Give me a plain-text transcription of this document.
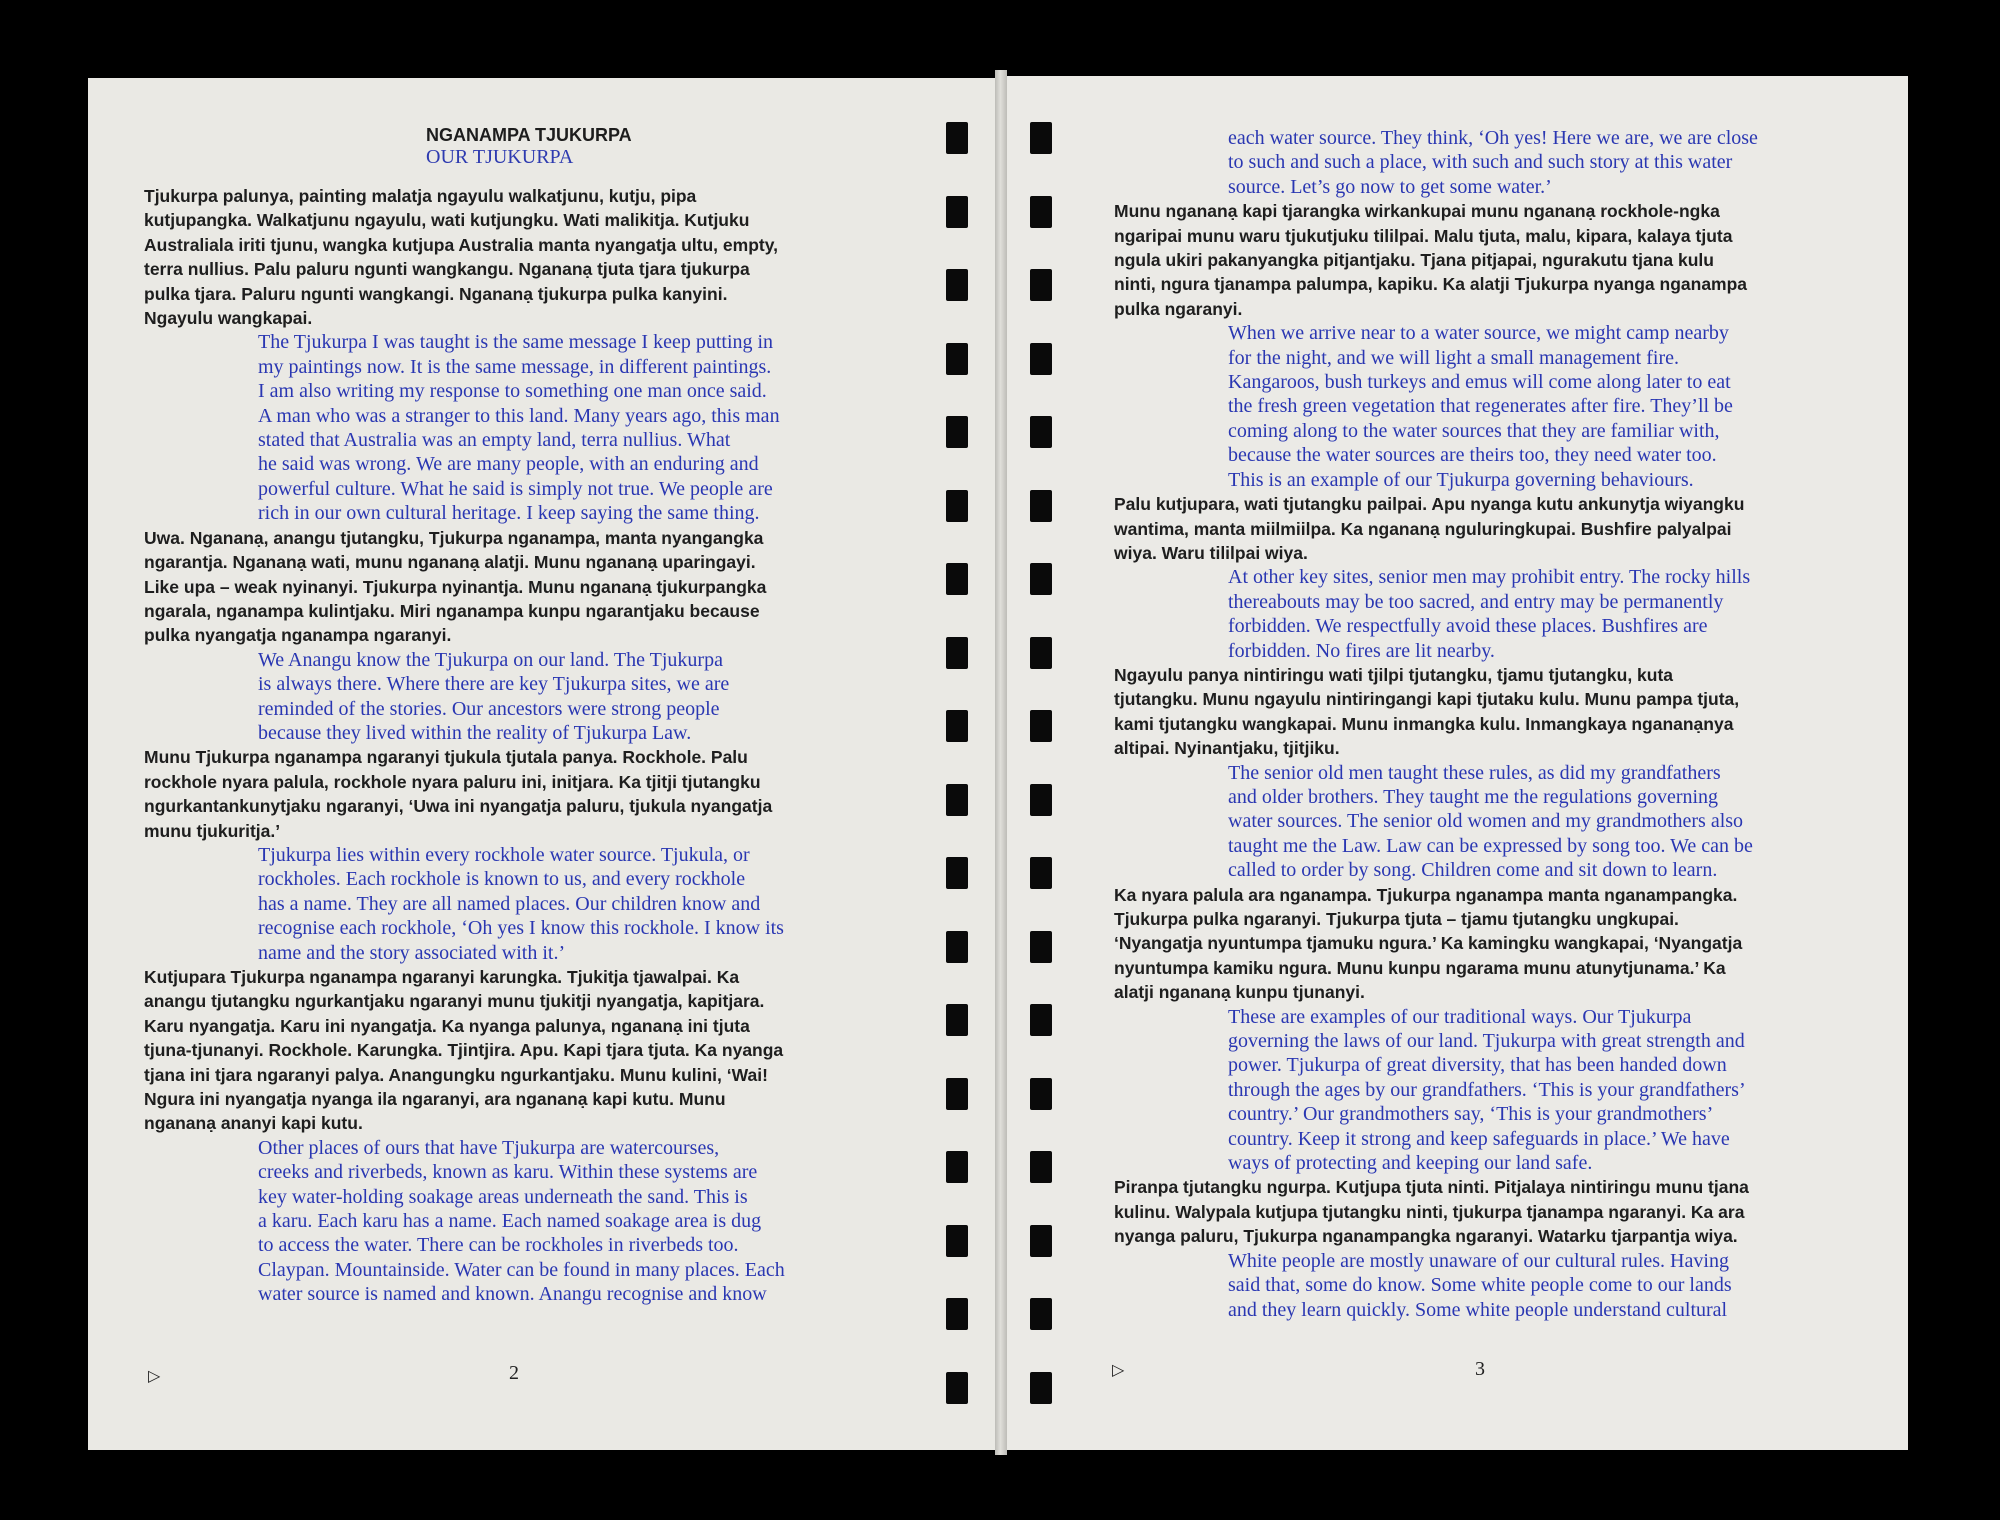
NGANAMPA TJUKURPA
OUR TJUKURPA

Tjukurpa palunya, painting malatja ngayulu walkatjunu, kutju, pipa
kutjupangka. Walkatjunu ngayulu, wati kutjungku. Wati malikitja. Kutjuku
Australiala iriti tjunu, wangka kutjupa Australia manta nyangatja ultu, empty,
terra nullius. Palu paluru ngunti wangkangu. Ngananạ tjuta tjara tjukurpa
pulka tjara. Paluru ngunti wangkangi. Ngananạ tjukurpa pulka kanyini.
Ngayulu wangkapai.

The Tjukurpa I was taught is the same message I keep putting in
my paintings now. It is the same message, in different paintings.
I am also writing my response to something one man once said.
A man who was a stranger to this land. Many years ago, this man
stated that Australia was an empty land, terra nullius. What
he said was wrong. We are many people, with an enduring and
powerful culture. What he said is simply not true. We people are
rich in our own cultural heritage. I keep saying the same thing.

Uwa. Ngananạ, anangu tjutangku, Tjukurpa nganampa, manta nyangangka
ngarantja. Ngananạ wati, munu ngananạ alatji. Munu ngananạ uparingayi.
Like upa – weak nyinanyi. Tjukurpa nyinantja. Munu ngananạ tjukurpangka
ngarala, nganampa kulintjaku. Miri nganampa kunpu ngarantjaku because
pulka nyangatja nganampa ngaranyi.

We Anangu know the Tjukurpa on our land. The Tjukurpa
is always there. Where there are key Tjukurpa sites, we are
reminded of the stories. Our ancestors were strong people
because they lived within the reality of Tjukurpa Law.

Munu Tjukurpa nganampa ngaranyi tjukula tjutala panya. Rockhole. Palu
rockhole nyara palula, rockhole nyara paluru ini, initjara. Ka tjitji tjutangku
ngurkantankunytjaku ngaranyi, ‘Uwa ini nyangatja paluru, tjukula nyangatja
munu tjukuritja.’

Tjukurpa lies within every rockhole water source. Tjukula, or
rockholes. Each rockhole is known to us, and every rockhole
has a name. They are all named places. Our children know and
recognise each rockhole, ‘Oh yes I know this rockhole. I know its
name and the story associated with it.’

Kutjupara Tjukurpa nganampa ngaranyi karungka. Tjukitja tjawalpai. Ka
anangu tjutangku ngurkantjaku ngaranyi munu tjukitji nyangatja, kapitjara.
Karu nyangatja. Karu ini nyangatja. Ka nyanga palunya, ngananạ ini tjuta
tjuna-tjunanyi. Rockhole. Karungka. Tjintjira. Apu. Kapi tjara tjuta. Ka nyanga
tjana ini tjara ngaranyi palya. Anangungku ngurkantjaku. Munu kulini, ‘Wai!
Ngura ini nyangatja nyanga ila ngaranyi, ara ngananạ kapi kutu. Munu
ngananạ ananyi kapi kutu.

Other places of ours that have Tjukurpa are watercourses,
creeks and riverbeds, known as karu. Within these systems are
key water-holding soakage areas underneath the sand. This is
a karu. Each karu has a name. Each named soakage area is dug
to access the water. There can be rockholes in riverbeds too.
Claypan. Mountainside. Water can be found in many places. Each
water source is named and known. Anangu recognise and know

▷	2

each water source. They think, ‘Oh yes! Here we are, we are close
to such and such a place, with such and such story at this water
source. Let’s go now to get some water.’

Munu ngananạ kapi tjarangka wirkankupai munu ngananạ rockhole-ngka
ngaripai munu waru tjukutjuku tililpai. Malu tjuta, malu, kipara, kalaya tjuta
ngula ukiri pakanyangka pitjantjaku. Tjana pitjapai, ngurakutu tjana kulu
ninti, ngura tjanampa palumpa, kapiku. Ka alatji Tjukurpa nyanga nganampa
pulka ngaranyi.

When we arrive near to a water source, we might camp nearby
for the night, and we will light a small management fire.
Kangaroos, bush turkeys and emus will come along later to eat
the fresh green vegetation that regenerates after fire. They’ll be
coming along to the water sources that they are familiar with,
because the water sources are theirs too, they need water too.
This is an example of our Tjukurpa governing behaviours.

Palu kutjupara, wati tjutangku pailpai. Apu nyanga kutu ankunytja wiyangku
wantima, manta miilmiilpa. Ka ngananạ nguluringkupai. Bushfire palyalpai
wiya. Waru tililpai wiya.

At other key sites, senior men may prohibit entry. The rocky hills
thereabouts may be too sacred, and entry may be permanently
forbidden. We respectfully avoid these places. Bushfires are
forbidden. No fires are lit nearby.

Ngayulu panya nintiringu wati tjilpi tjutangku, tjamu tjutangku, kuta
tjutangku. Munu ngayulu nintiringangi kapi tjutaku kulu. Munu pampa tjuta,
kami tjutangku wangkapai. Munu inmangka kulu. Inmangkaya ngananạnya
altipai. Nyinantjaku, tjitjiku.

The senior old men taught these rules, as did my grandfathers
and older brothers. They taught me the regulations governing
water sources. The senior old women and my grandmothers also
taught me the Law. Law can be expressed by song too. We can be
called to order by song. Children come and sit down to learn.

Ka nyara palula ara nganampa. Tjukurpa nganampa manta nganampangka.
Tjukurpa pulka ngaranyi. Tjukurpa tjuta – tjamu tjutangku ungkupai.
‘Nyangatja nyuntumpa tjamuku ngura.’ Ka kamingku wangkapai, ‘Nyangatja
nyuntumpa kamiku ngura. Munu kunpu ngarama munu atunytjunama.’ Ka
alatji ngananạ kunpu tjunanyi.

These are examples of our traditional ways. Our Tjukurpa
governing the laws of our land. Tjukurpa with great strength and
power. Tjukurpa of great diversity, that has been handed down
through the ages by our grandfathers. ‘This is your grandfathers’
country.’ Our grandmothers say, ‘This is your grandmothers’
country. Keep it strong and keep safeguards in place.’ We have
ways of protecting and keeping our land safe.

Piranpa tjutangku ngurpa. Kutjupa tjuta ninti. Pitjalaya nintiringu munu tjana
kulinu. Walypala kutjupa tjutangku ninti, tjukurpa tjanampa ngaranyi. Ka ara
nyanga paluru, Tjukurpa nganampangka ngaranyi. Watarku tjarpantja wiya.

White people are mostly unaware of our cultural rules. Having
said that, some do know. Some white people come to our lands
and they learn quickly. Some white people understand cultural

▷	3
